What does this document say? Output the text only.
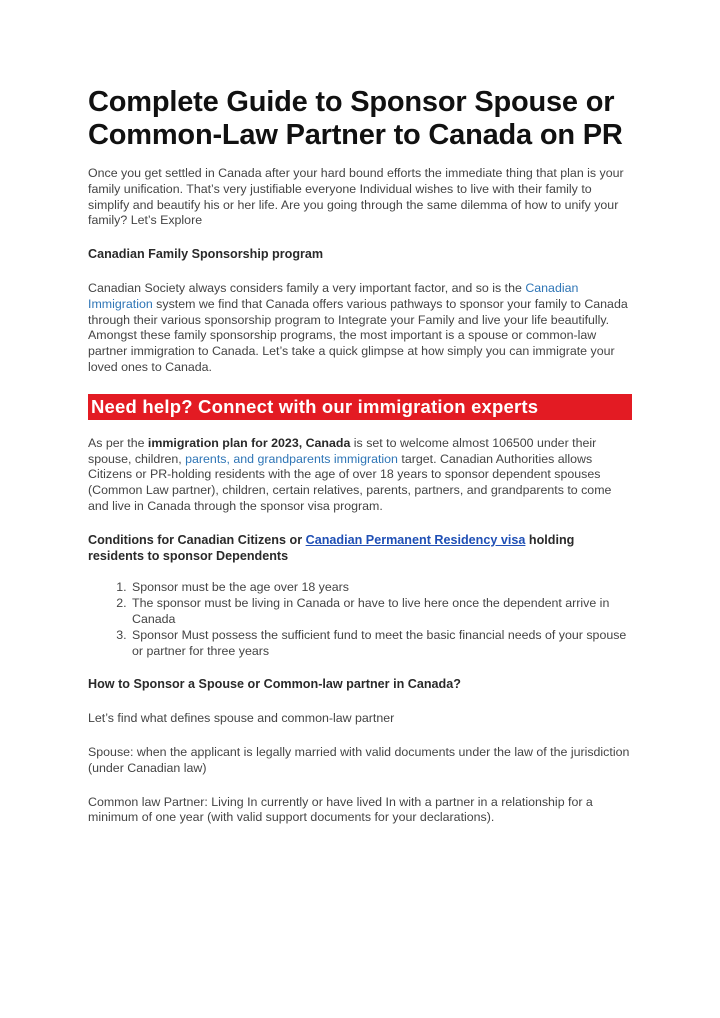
Complete Guide to Sponsor Spouse or Common-Law Partner to Canada on PR

Once you get settled in Canada after your hard bound efforts the immediate thing that plan is your family unification. That’s very justifiable everyone Individual wishes to live with their family to simplify and beautify his or her life. Are you going through the same dilemma of how to unify your family? Let’s Explore

Canadian Family Sponsorship program

Canadian Society always considers family a very important factor, and so is the Canadian Immigration system we find that Canada offers various pathways to sponsor your family to Canada through their various sponsorship program to Integrate your Family and live your life beautifully. Amongst these family sponsorship programs, the most important is a spouse or common-law partner immigration to Canada. Let’s take a quick glimpse at how simply you can immigrate your loved ones to Canada.

Need help? Connect with our immigration experts

As per the immigration plan for 2023, Canada is set to welcome almost 106500 under their spouse, children, parents, and grandparents immigration target. Canadian Authorities allows Citizens or PR-holding residents with the age of over 18 years to sponsor dependent spouses (Common Law partner), children, certain relatives, parents, partners, and grandparents to come and live in Canada through the sponsor visa program.

Conditions for Canadian Citizens or Canadian Permanent Residency visa holding residents to sponsor Dependents

1. Sponsor must be the age over 18 years
2. The sponsor must be living in Canada or have to live here once the dependent arrive in Canada
3. Sponsor Must possess the sufficient fund to meet the basic financial needs of your spouse or partner for three years

How to Sponsor a Spouse or Common-law partner in Canada?

Let’s find what defines spouse and common-law partner

Spouse: when the applicant is legally married with valid documents under the law of the jurisdiction (under Canadian law)

Common law Partner: Living In currently or have lived In with a partner in a relationship for a minimum of one year (with valid support documents for your declarations).
